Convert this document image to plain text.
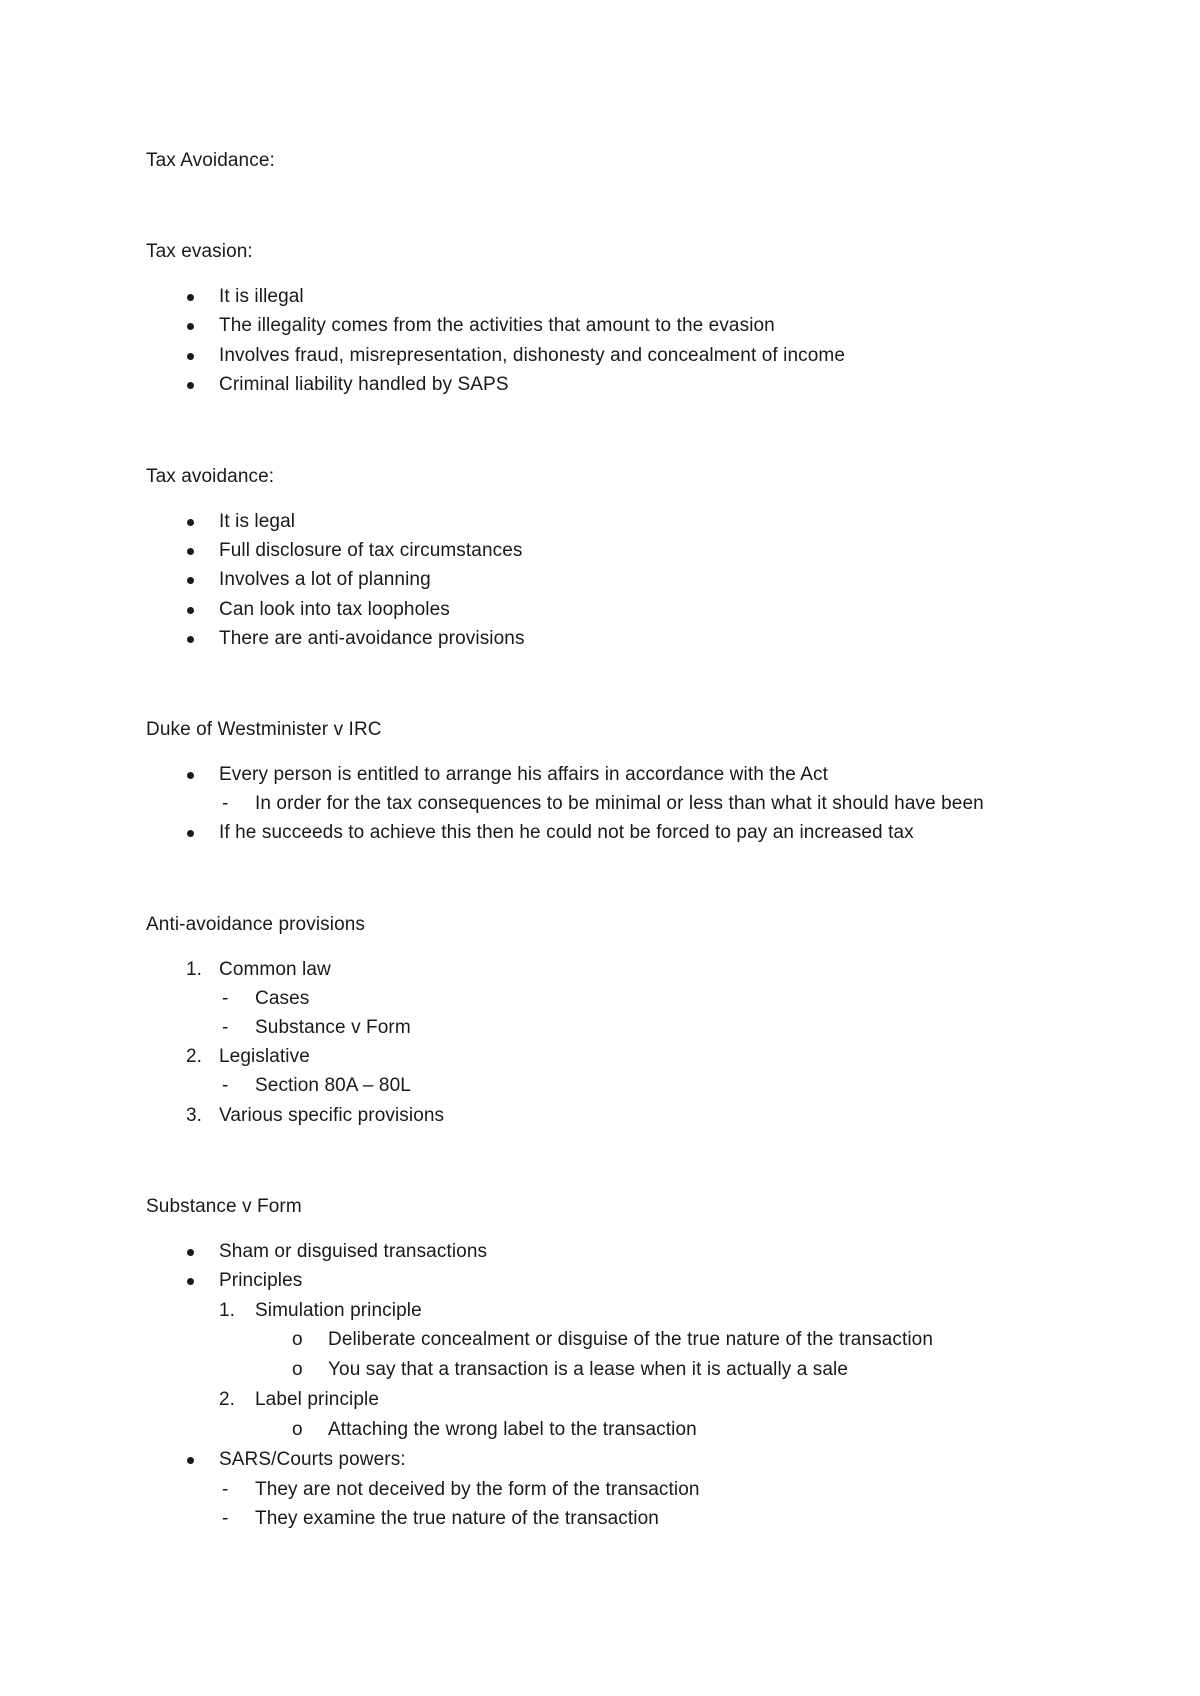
Tax Avoidance:
Tax evasion:
It is illegal
The illegality comes from the activities that amount to the evasion
Involves fraud, misrepresentation, dishonesty and concealment of income
Criminal liability handled by SAPS
Tax avoidance:
It is legal
Full disclosure of tax circumstances
Involves a lot of planning
Can look into tax loopholes
There are anti-avoidance provisions
Duke of Westminister v IRC
Every person is entitled to arrange his affairs in accordance with the Act
- In order for the tax consequences to be minimal or less than what it should have been
If he succeeds to achieve this then he could not be forced to pay an increased tax
Anti-avoidance provisions
1. Common law
- Cases
- Substance v Form
2. Legislative
- Section 80A – 80L
3. Various specific provisions
Substance v Form
Sham or disguised transactions
Principles
1. Simulation principle
o Deliberate concealment or disguise of the true nature of the transaction
o You say that a transaction is a lease when it is actually a sale
2. Label principle
o Attaching the wrong label to the transaction
SARS/Courts powers:
- They are not deceived by the form of the transaction
- They examine the true nature of the transaction
